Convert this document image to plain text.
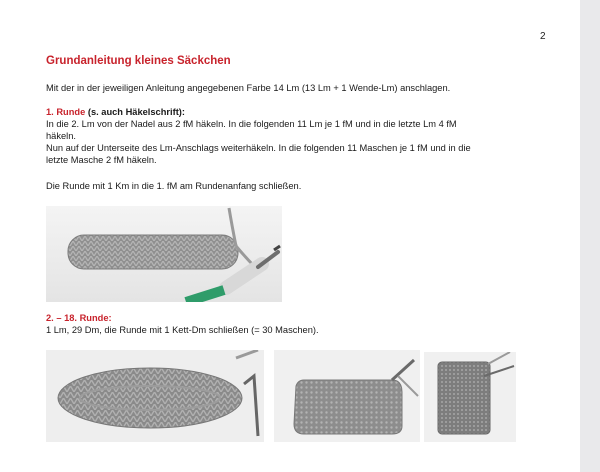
2
Grundanleitung kleines Säckchen
Mit der in der jeweiligen Anleitung angegebenen Farbe 14 Lm (13 Lm + 1 Wende-Lm) anschlagen.
1. Runde (s. auch Häkelschrift):
In die 2. Lm von der Nadel aus 2 fM häkeln. In die folgenden 11 Lm je 1 fM und in die letzte Lm 4 fM
häkeln.
Nun auf der Unterseite des Lm-Anschlags weiterhäkeln. In die folgenden 11 Maschen je 1 fM und in die
letzte Masche 2 fM häkeln.
Die Runde mit 1 Km in die 1. fM am Rundenanfang schließen.
2. – 18. Runde:
1 Lm, 29 Dm, die Runde mit 1 Kett-Dm schließen (= 30 Maschen).
